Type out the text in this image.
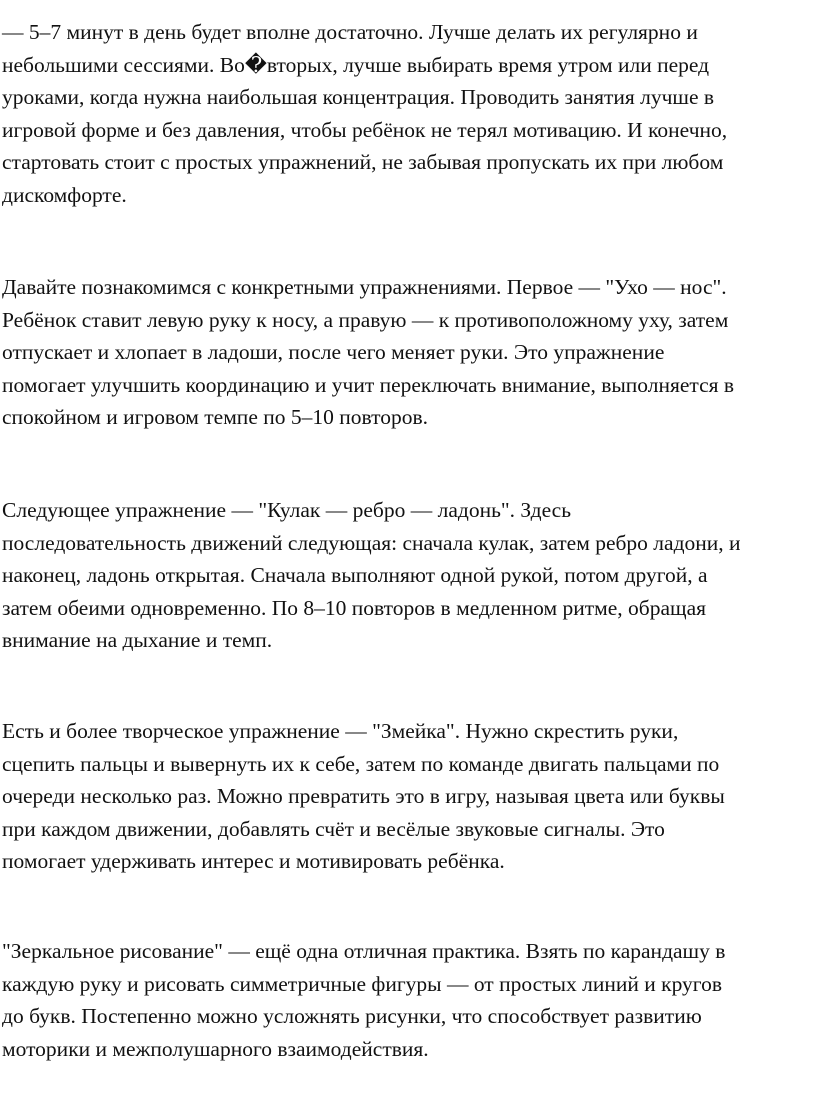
— 5–7 минут в день будет вполне достаточно. Лучше делать их регулярно и
небольшими сессиями. Во�вторых, лучше выбирать время утром или перед
уроками, когда нужна наибольшая концентрация. Проводить занятия лучше в
игровой форме и без давления, чтобы ребёнок не терял мотивацию. И конечно,
стартовать стоит с простых упражнений, не забывая пропускать их при любом
дискомфорте.

Давайте познакомимся с конкретными упражнениями. Первое — "Ухо — нос".
Ребёнок ставит левую руку к носу, а правую — к противоположному уху, затем
отпускает и хлопает в ладоши, после чего меняет руки. Это упражнение
помогает улучшить координацию и учит переключать внимание, выполняется в
спокойном и игровом темпе по 5–10 повторов.

Следующее упражнение — "Кулак — ребро — ладонь". Здесь
последовательность движений следующая: сначала кулак, затем ребро ладони, и
наконец, ладонь открытая. Сначала выполняют одной рукой, потом другой, а
затем обеими одновременно. По 8–10 повторов в медленном ритме, обращая
внимание на дыхание и темп.

Есть и более творческое упражнение — "Змейка". Нужно скрестить руки,
сцепить пальцы и вывернуть их к себе, затем по команде двигать пальцами по
очереди несколько раз. Можно превратить это в игру, называя цвета или буквы
при каждом движении, добавлять счёт и весёлые звуковые сигналы. Это
помогает удерживать интерес и мотивировать ребёнка.

"Зеркальное рисование" — ещё одна отличная практика. Взять по карандашу в
каждую руку и рисовать симметричные фигуры — от простых линий и кругов
до букв. Постепенно можно усложнять рисунки, что способствует развитию
моторики и межполушарного взаимодействия.
